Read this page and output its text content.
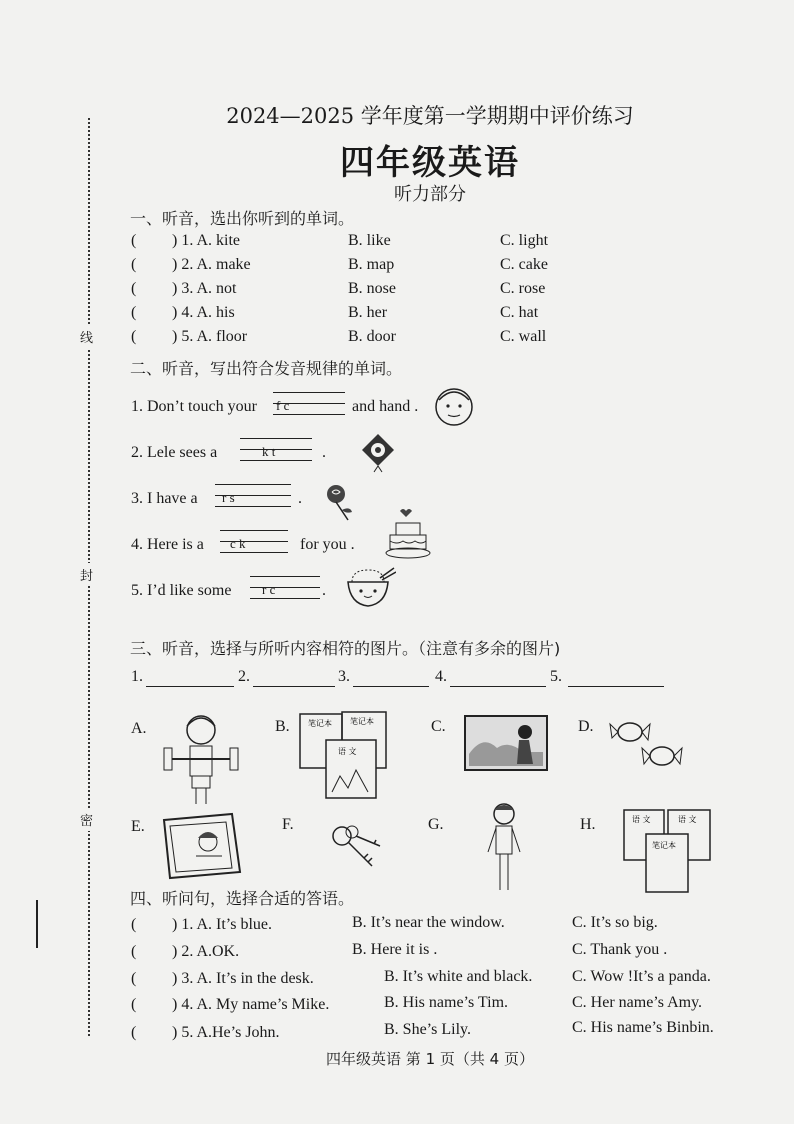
线
封
密
2024—2025 学年度第一学期期中评价练习
四年级英语
听力部分
一、听音，选出你听到的单词。
( ) 1. A. kite	B. like	C. light
( ) 2. A. make	B. map	C. cake
( ) 3. A. not	B. nose	C. rose
( ) 4. A. his	B. her	C. hat
( ) 5. A. floor	B. door	C. wall
二、听音，写出符合发音规律的单词。
1. Don’t touch your f c	and hand .
2. Lele sees a	k t	.
3. I have a r s	.
4. Here is a c k	for you .
5. I’d like some r c	.
三、听音，选择与所听内容相符的图片。（注意有多余的图片)
1.	2.	3.	4.	5.
A.	B.	C.	D.
E.	F.	G.	H.
笔记本 笔记本
语 文
语 文	语 文
笔记本
四、听问句，选择合适的答语。
( ) 1. A. It’s blue.	B. It’s near the window.	C. It’s so big.
( ) 2. A.OK.	B. Here it is .	C. Thank you .
( ) 3. A. It’s in the desk.	B. It’s white and black. C. Wow !It’s a panda.
( ) 4. A. My name’s Mike.	B. His name’s Tim.	C. Her name’s Amy.
( ) 5. A.He’s John.	B. She’s Lily.	C. His name’s Binbin.
四年级英语 第 1 页（共 4 页）
